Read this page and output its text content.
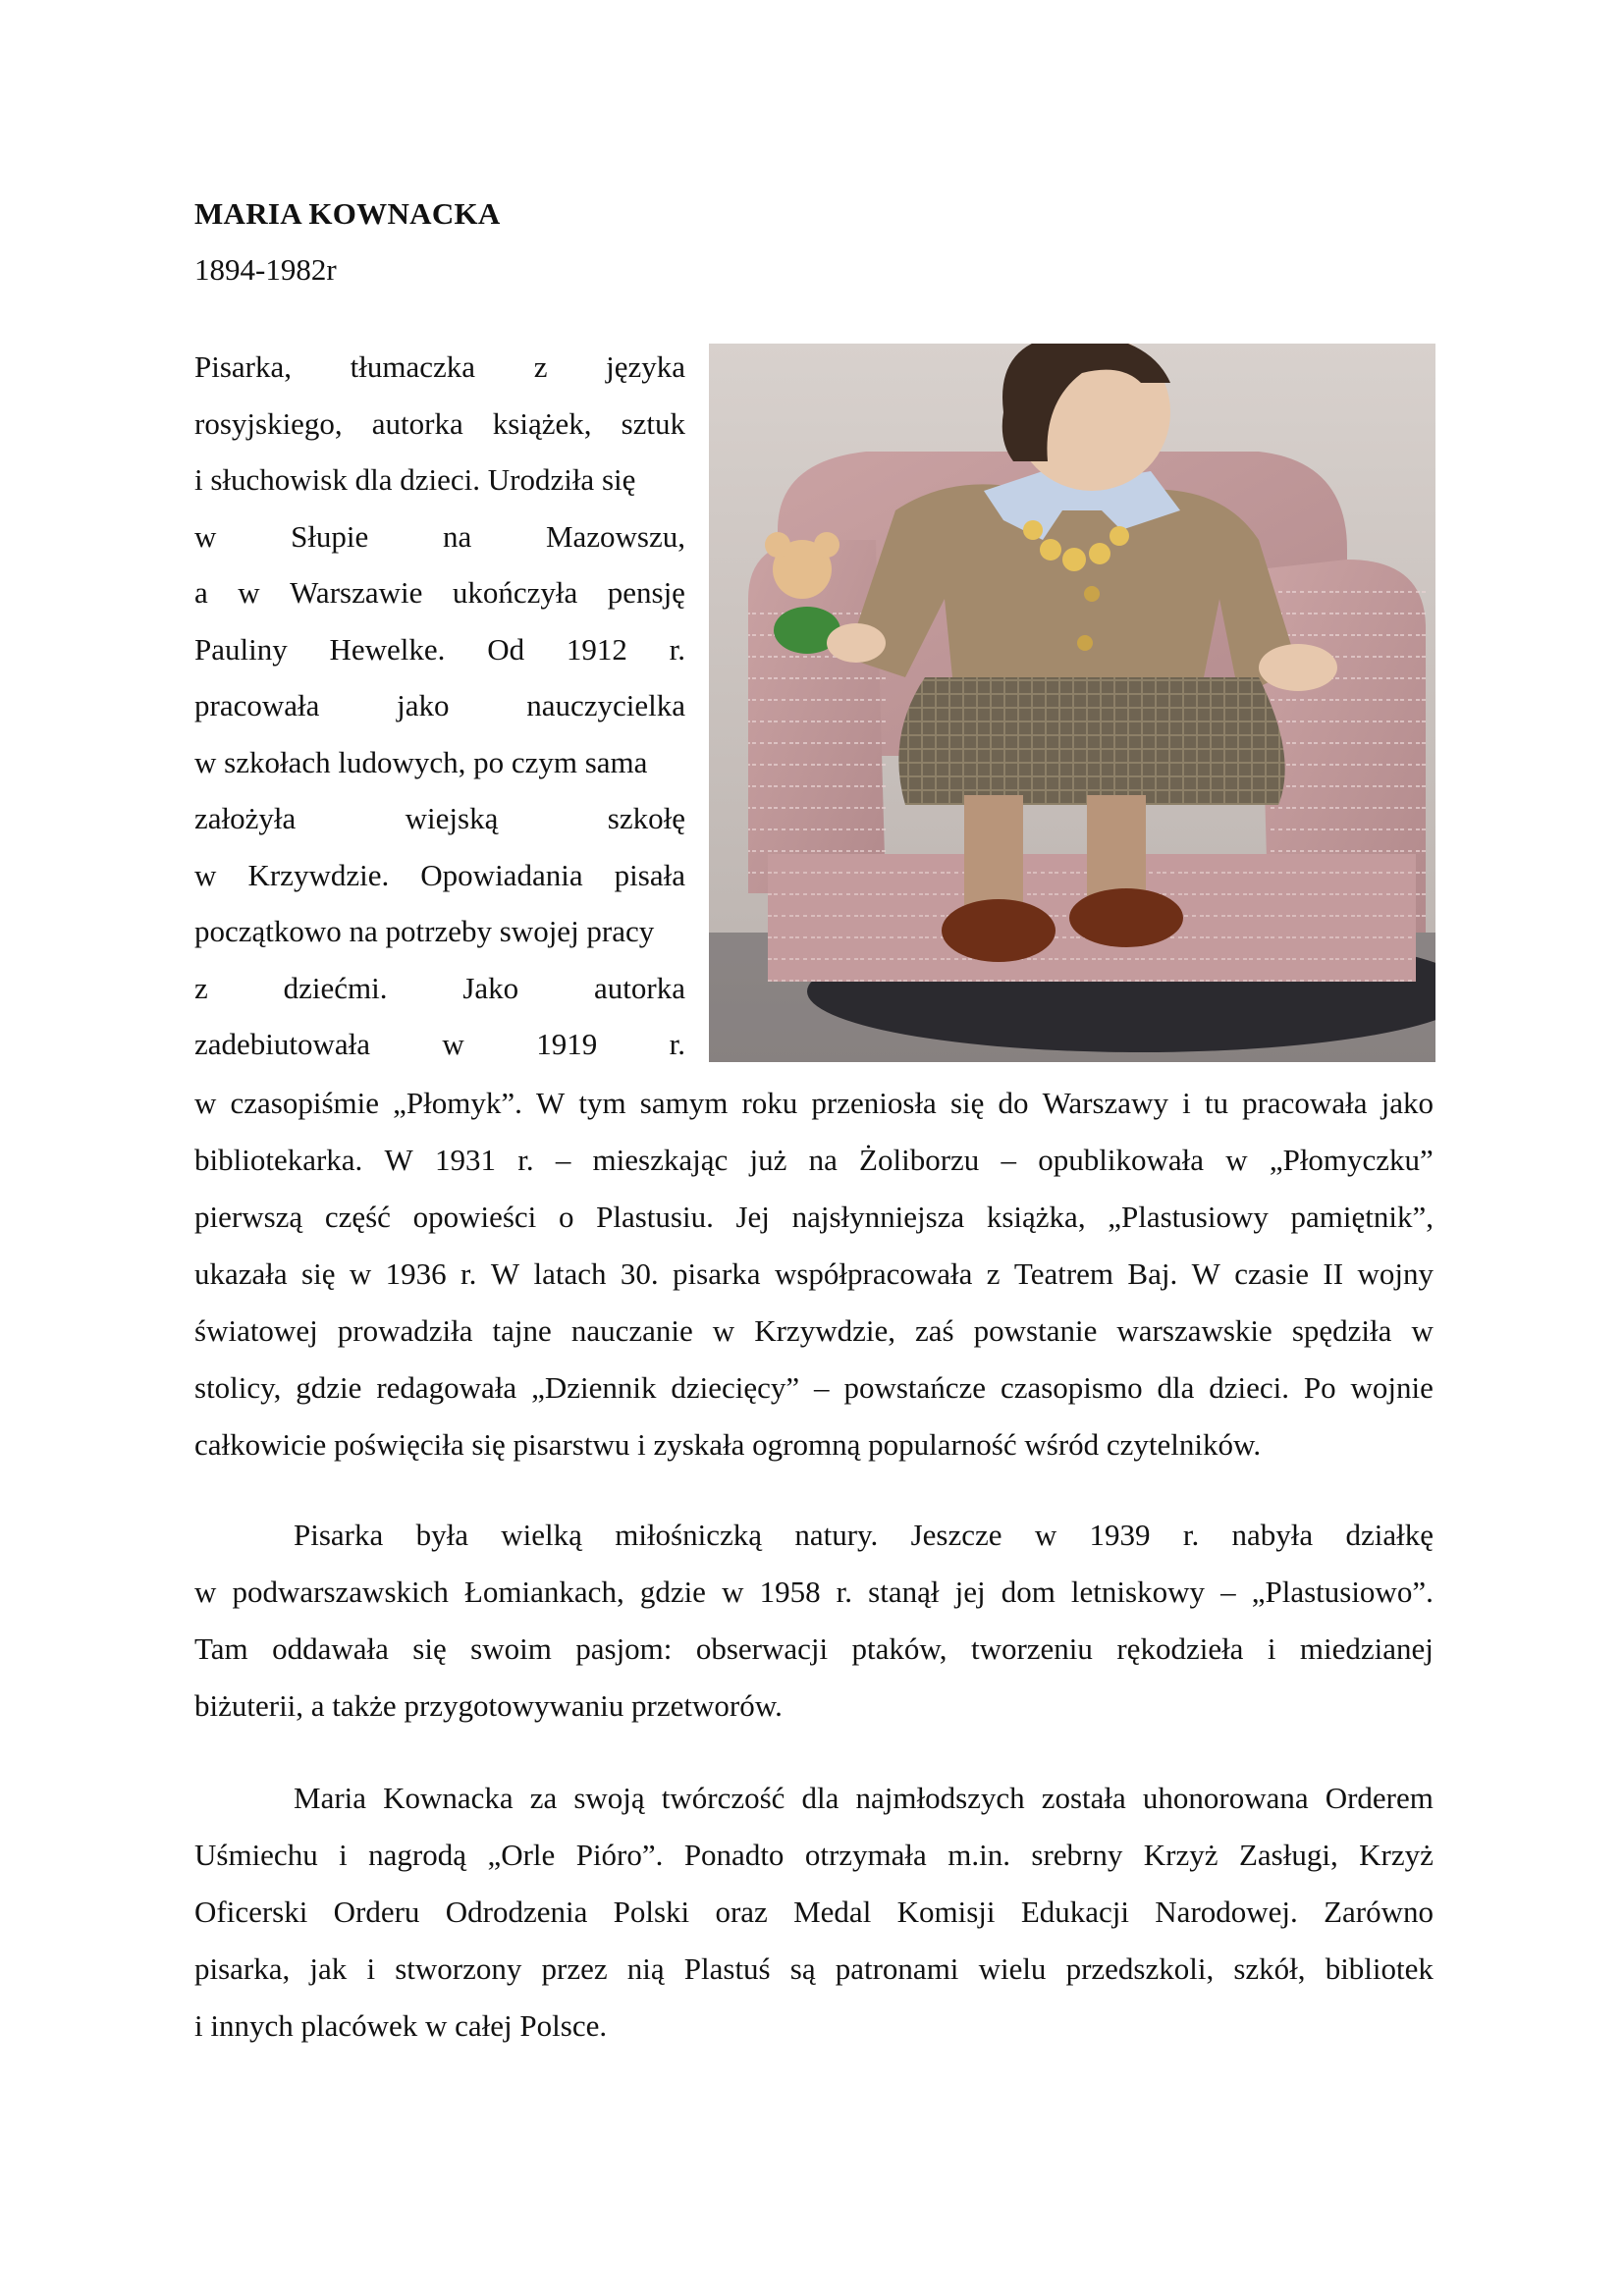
MARIA KOWNACKA
1894-1982r
Pisarka, tłumaczka z języka
rosyjskiego, autorka książek, sztuk
i słuchowisk dla dzieci. Urodziła się
w Słupie na Mazowszu,
a w Warszawie ukończyła pensję
Pauliny Hewelke. Od 1912 r.
pracowała	jako	nauczycielka
w szkołach ludowych, po czym sama
założyła	wiejską	szkołę
w Krzywdzie. Opowiadania pisała
początkowo na potrzeby swojej pracy
z dziećmi. Jako autorka
zadebiutowała w 1919 r.
w czasopiśmie „Płomyk”. W tym samym roku przeniosła się do Warszawy i tu pracowała jako
bibliotekarka. W 1931 r. – mieszkając już na Żoliborzu – opublikowała w „Płomyczku”
pierwszą część opowieści o Plastusiu. Jej najsłynniejsza książka, „Plastusiowy pamiętnik”,
ukazała się w 1936 r. W latach 30. pisarka współpracowała z Teatrem Baj. W czasie II wojny
światowej prowadziła tajne nauczanie w Krzywdzie, zaś powstanie warszawskie spędziła w
stolicy, gdzie redagowała „Dziennik dziecięcy” – powstańcze czasopismo dla dzieci. Po wojnie
całkowicie poświęciła się pisarstwu i zyskała ogromną popularność wśród czytelników.
Pisarka była wielką miłośniczką natury. Jeszcze w 1939 r. nabyła działkę
w podwarszawskich Łomiankach, gdzie w 1958 r. stanął jej dom letniskowy – „Plastusiowo”.
Tam oddawała się swoim pasjom: obserwacji ptaków, tworzeniu rękodzieła i miedzianej
biżuterii, a także przygotowywaniu przetworów.
Maria Kownacka za swoją twórczość dla najmłodszych została uhonorowana Orderem
Uśmiechu i nagrodą „Orle Pióro”. Ponadto otrzymała m.in. srebrny Krzyż Zasługi, Krzyż
Oficerski Orderu Odrodzenia Polski oraz Medal Komisji Edukacji Narodowej. Zarówno
pisarka, jak i stworzony przez nią Plastuś są patronami wielu przedszkoli, szkół, bibliotek
i innych placówek w całej Polsce.
